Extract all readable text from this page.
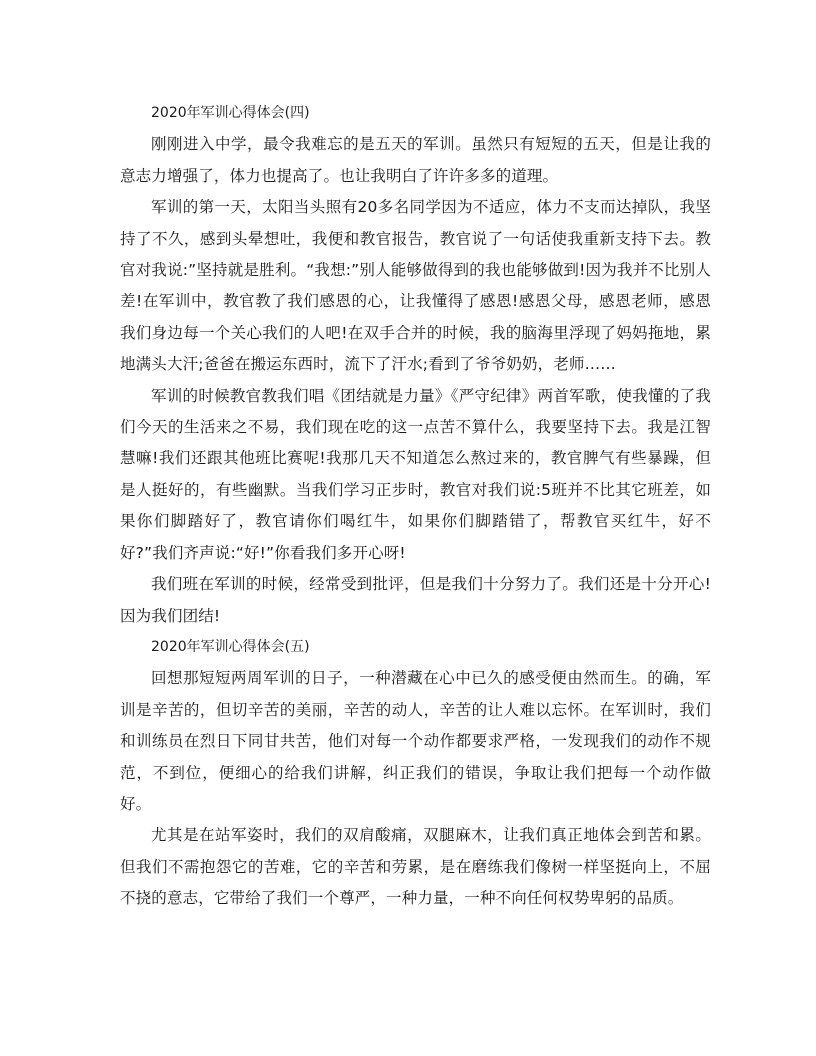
2020年军训心得体会(四)

刚刚进入中学，最令我难忘的是五天的军训。虽然只有短短的五天，但是让我的意志力增强了，体力也提高了。也让我明白了许许多多的道理。

军训的第一天，太阳当头照有20多名同学因为不适应，体力不支而达掉队，我坚持了不久，感到头晕想吐，我便和教官报告，教官说了一句话使我重新支持下去。教官对我说:”坚持就是胜利。“我想:”别人能够做得到的我也能够做到!因为我并不比别人差!在军训中，教官教了我们感恩的心，让我懂得了感恩!感恩父母，感恩老师，感恩我们身边每一个关心我们的人吧!在双手合并的时候，我的脑海里浮现了妈妈拖地，累地满头大汗;爸爸在搬运东西时，流下了汗水;看到了爷爷奶奶，老师……

军训的时候教官教我们唱《团结就是力量》《严守纪律》两首军歌，使我懂的了我们今天的生活来之不易，我们现在吃的这一点苦不算什么，我要坚持下去。我是江智慧嘛!我们还跟其他班比赛呢!我那几天不知道怎么熬过来的，教官脾气有些暴躁，但是人挺好的，有些幽默。当我们学习正步时，教官对我们说:5班并不比其它班差，如果你们脚踏好了，教官请你们喝红牛，如果你们脚踏错了，帮教官买红牛，好不好?”我们齐声说:“好!”你看我们多开心呀!

我们班在军训的时候，经常受到批评，但是我们十分努力了。我们还是十分开心!因为我们团结!

2020年军训心得体会(五)

回想那短短两周军训的日子，一种潜藏在心中已久的感受便由然而生。的确，军训是辛苦的，但切辛苦的美丽，辛苦的动人，辛苦的让人难以忘怀。在军训时，我们和训练员在烈日下同甘共苦，他们对每一个动作都要求严格，一发现我们的动作不规范，不到位，便细心的给我们讲解，纠正我们的错误，争取让我们把每一个动作做好。

尤其是在站军姿时，我们的双肩酸痛，双腿麻木，让我们真正地体会到苦和累。但我们不需抱怨它的苦难，它的辛苦和劳累，是在磨练我们像树一样坚挺向上，不屈不挠的意志，它带给了我们一个尊严，一种力量，一种不向任何权势卑躬的品质。
